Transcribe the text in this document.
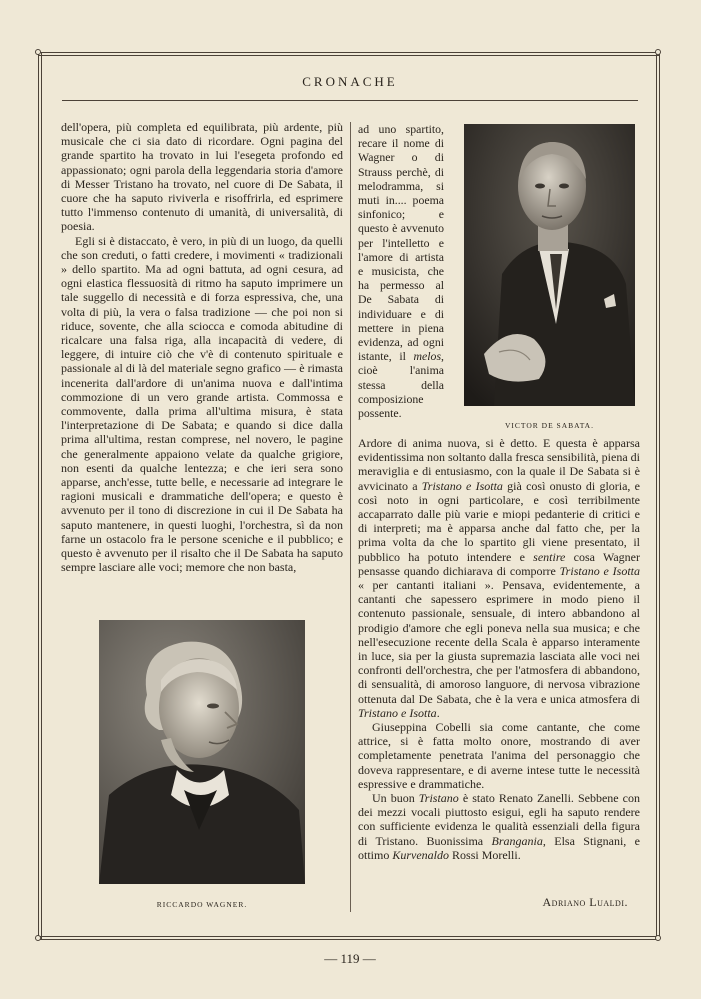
CRONACHE

dell'opera, più completa ed equilibrata, più ardente, più musicale che ci sia dato di ricordare. Ogni pagina del grande spartito ha trovato in lui l'esegeta profondo ed appassionato; ogni parola della leggendaria storia d'amore di Messer Tristano ha trovato, nel cuore di De Sabata, il cuore che ha saputo riviverla e risoffrirla, ed esprimere tutto l'immenso contenuto di umanità, di universalità, di poesia.

Egli si è distaccato, è vero, in più di un luogo, da quelli che son creduti, o fatti credere, i movimenti « tradizionali » dello spartito. Ma ad ogni battuta, ad ogni cesura, ad ogni elastica flessuosità di ritmo ha saputo imprimere un tale suggello di necessità e di forza espressiva, che, una volta di più, la vera o falsa tradizione — che poi non si riduce, sovente, che alla sciocca e comoda abitudine di ricalcare una falsa riga, alla incapacità di vedere, di leggere, di intuire ciò che v'è di contenuto spirituale e passionale al di là del materiale segno grafico — è rimasta incenerita dall'ardore di un'anima nuova e dall'intima commozione di un vero grande artista. Commossa e commovente, dalla prima all'ultima misura, è stata l'interpretazione di De Sabata; e quando si dice dalla prima all'ultima, restan comprese, nel novero, le pagine che generalmente appaiono velate da qualche grigiore, non esenti da qualche lentezza; e che ieri sera sono apparse, anch'esse, tutte belle, e necessarie ad integrare le ragioni musicali e drammatiche dell'opera; e questo è avvenuto per il tono di discrezione in cui il De Sabata ha saputo mantenere, in questi luoghi, l'orchestra, sì da non farne un ostacolo fra le persone sceniche e il pubblico; e questo è avvenuto per il risalto che il De Sabata ha saputo sempre lasciare alle voci; memore che non basta,

ad uno spartito, recare il nome di Wagner o di Strauss perchè, di melodramma, si muti in.... poema sinfonico; e questo è avvenuto per l'intelletto e l'amore di artista e musicista, che ha permesso al De Sabata di individuare e di mettere in piena evidenza, ad ogni istante, il melos, cioè l'anima stessa della composizione possente.

VICTOR DE SABATA.

Ardore di anima nuova, si è detto. E questa è apparsa evidentissima non soltanto dalla fresca sensibilità, piena di meraviglia e di entusiasmo, con la quale il De Sabata si è avvicinato a Tristano e Isotta già così onusto di gloria, e così noto in ogni particolare, e così terribilmente accaparrato dalle più varie e miopi pedanterie di critici e di interpreti; ma è apparsa anche dal fatto che, per la prima volta da che lo spartito gli viene presentato, il pubblico ha potuto intendere e sentire cosa Wagner pensasse quando dichiarava di comporre Tristano e Isotta « per cantanti italiani ». Pensava, evidentemente, a cantanti che sapessero esprimere in modo pieno il contenuto passionale, sensuale, di intero abbandono al prodigio d'amore che egli poneva nella sua musica; e che nell'esecuzione recente della Scala è apparso interamente in luce, sia per la giusta supremazia lasciata alle voci nei confronti dell'orchestra, che per l'atmosfera di abbandono, di sensualità, di amoroso languore, di nervosa vibrazione ottenuta dal De Sabata, che è la vera e unica atmosfera di Tristano e Isotta.

Giuseppina Cobelli sia come cantante, che come attrice, si è fatta molto onore, mostrando di aver completamente penetrata l'anima del personaggio che doveva rappresentare, e di averne intese tutte le necessità espressive e drammatiche.

Un buon Tristano è stato Renato Zanelli. Sebbene con dei mezzi vocali piuttosto esigui, egli ha saputo rendere con sufficiente evidenza le qualità essenziali della figura di Tristano. Buonissima Brangania, Elsa Stignani, e ottimo Kurvenaldo Rossi Morelli.

RICCARDO WAGNER.	Adriano Lualdi.
— 119 —
